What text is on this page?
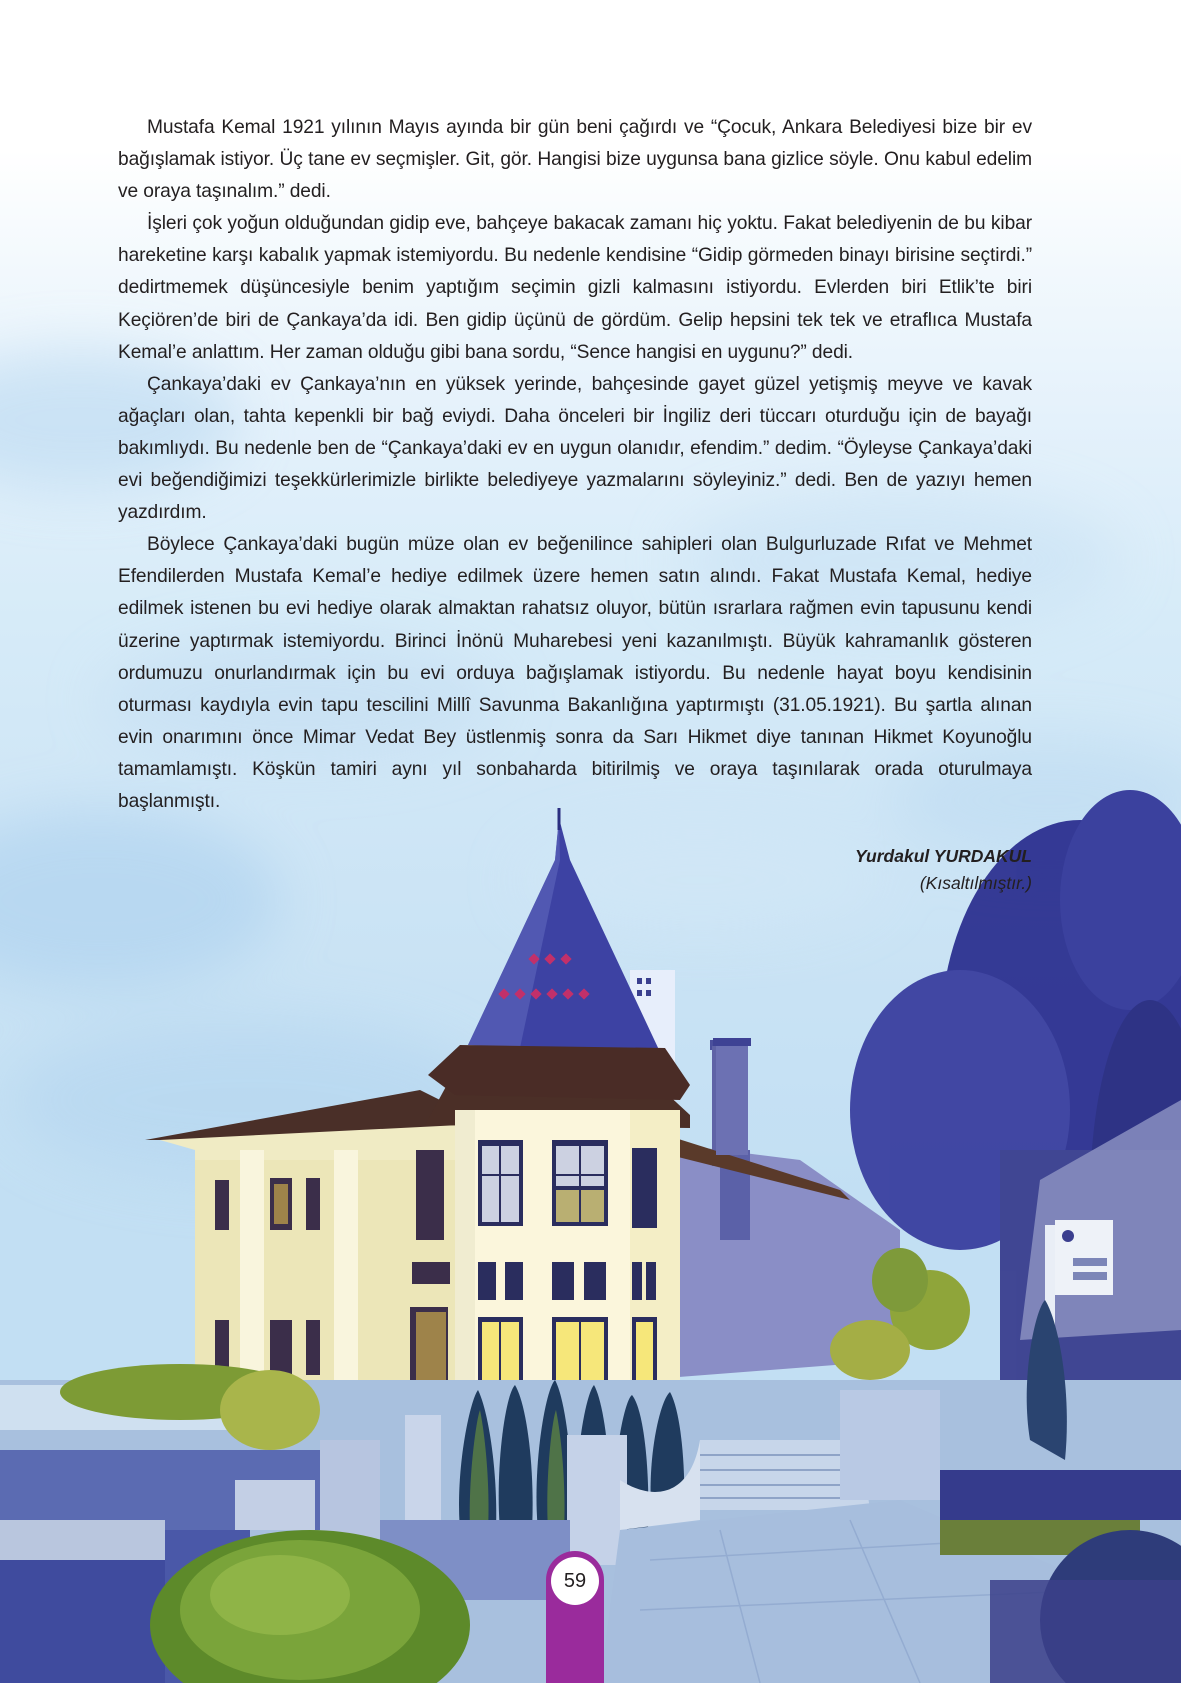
Mustafa Kemal 1921 yılının Mayıs ayında bir gün beni çağırdı ve “Çocuk, Ankara Belediyesi bize bir ev bağışlamak istiyor. Üç tane ev seçmişler. Git, gör. Hangisi bize uygunsa bana gizlice söyle. Onu kabul edelim ve oraya taşınalım.” dedi.

İşleri çok yoğun olduğundan gidip eve, bahçeye bakacak zamanı hiç yoktu. Fakat belediyenin de bu kibar hareketine karşı kabalık yapmak istemiyordu. Bu nedenle kendisine “Gidip görmeden binayı birisine seçtirdi.” dedirtmemek düşüncesiyle benim yaptığım seçimin gizli kalmasını istiyordu. Evlerden biri Etlik’te biri Keçiören’de biri de Çankaya’da idi. Ben gidip üçünü de gördüm. Gelip hepsini tek tek ve etraflıca Mustafa Kemal’e anlattım. Her zaman olduğu gibi bana sordu, “Sence hangisi en uygunu?” dedi.

Çankaya’daki ev Çankaya’nın en yüksek yerinde, bahçesinde gayet güzel yetişmiş meyve ve kavak ağaçları olan, tahta kepenkli bir bağ eviydi. Daha önceleri bir İngiliz deri tüccarı oturduğu için de bayağı bakımlıydı. Bu nedenle ben de “Çankaya’daki ev en uygun olanıdır, efendim.” dedim. “Öyleyse Çankaya’daki evi beğendiğimizi teşekkürlerimizle birlikte belediyeye yazmalarını söyleyiniz.” dedi. Ben de yazıyı hemen yazdırdım.

Böylece Çankaya’daki bugün müze olan ev beğenilince sahipleri olan Bulgurluzade Rıfat ve Mehmet Efendilerden Mustafa Kemal’e hediye edilmek üzere hemen satın alındı. Fakat Mustafa Kemal, hediye edilmek istenen bu evi hediye olarak almaktan rahatsız oluyor, bütün ısrarlara rağmen evin tapusunu kendi üzerine yaptırmak istemiyordu. Birinci İnönü Muharebesi yeni kazanılmıştı. Büyük kahramanlık gösteren ordumuzu onurlandırmak için bu evi orduya bağışlamak istiyordu. Bu nedenle hayat boyu kendisinin oturması kaydıyla evin tapu tescilini Millî Savunma Bakanlığına yaptırmıştı (31.05.1921). Bu şartla alınan evin onarımını önce Mimar Vedat Bey üstlenmiş sonra da Sarı Hikmet diye tanınan Hikmet Koyunoğlu tamamlamıştı. Köşkün tamiri aynı yıl sonbaharda bitirilmiş ve oraya taşınılarak orada oturulmaya başlanmıştı.

Yurdakul YURDAKUL
(Kısaltılmıştır.)
59
